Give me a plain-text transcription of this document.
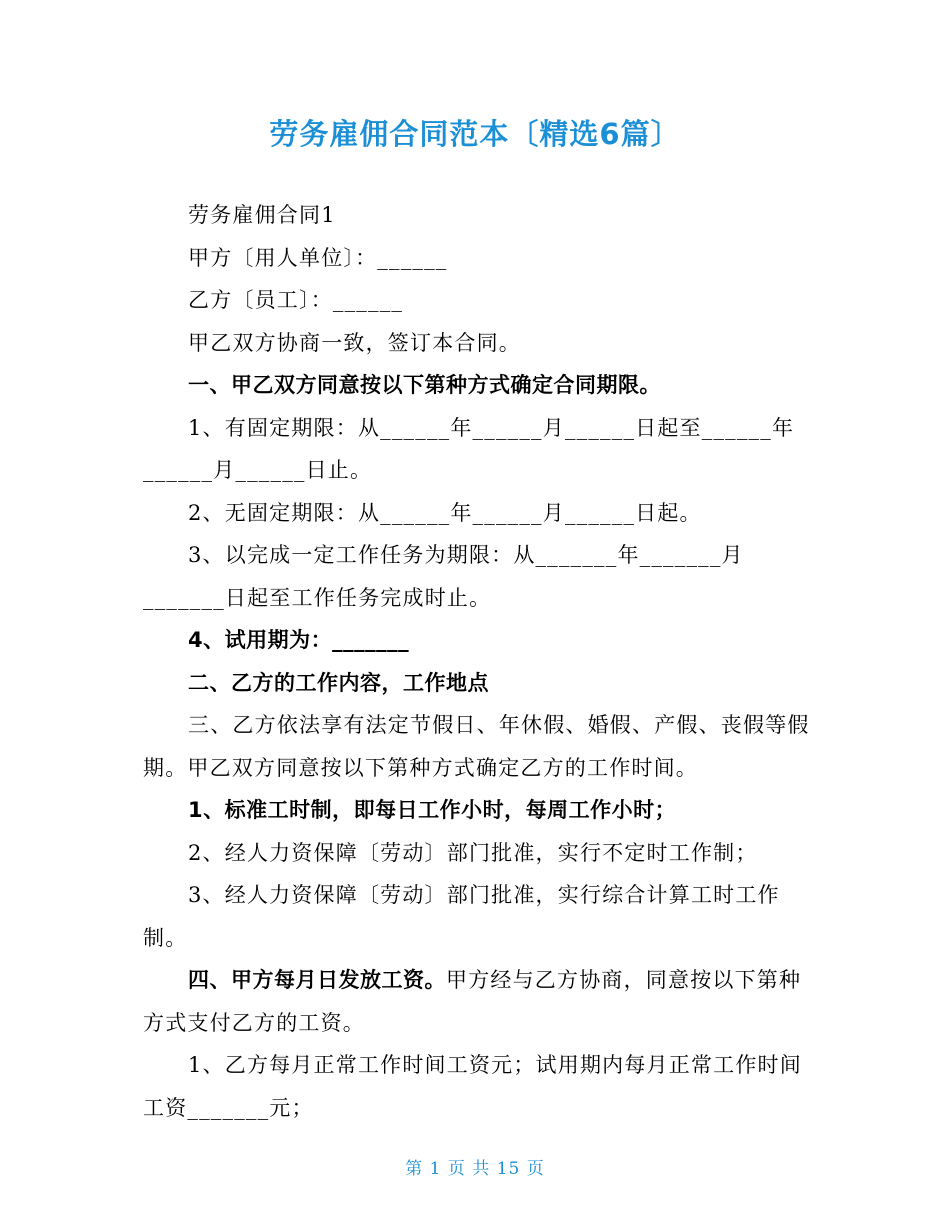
劳务雇佣合同范本〔精选6篇〕

劳务雇佣合同1

甲方〔用人单位〕：______

乙方〔员工〕：______

甲乙双方协商一致，签订本合同。

一、甲乙双方同意按以下第种方式确定合同期限。

1、有固定期限：从______年______月______日起至______年______月______日止。

2、无固定期限：从______年______月______日起。

3、以完成一定工作任务为期限：从_______年_______月_______日起至工作任务完成时止。

4、试用期为：_______

二、乙方的工作内容，工作地点

三、乙方依法享有法定节假日、年休假、婚假、产假、丧假等假期。甲乙双方同意按以下第种方式确定乙方的工作时间。

1、标准工时制，即每日工作小时，每周工作小时；

2、经人力资保障〔劳动〕部门批准，实行不定时工作制；

3、经人力资保障〔劳动〕部门批准，实行综合计算工时工作制。

四、甲方每月日发放工资。甲方经与乙方协商，同意按以下第种方式支付乙方的工资。

1、乙方每月正常工作时间工资元；试用期内每月正常工作时间工资_______元；

第 1 页 共 15 页
